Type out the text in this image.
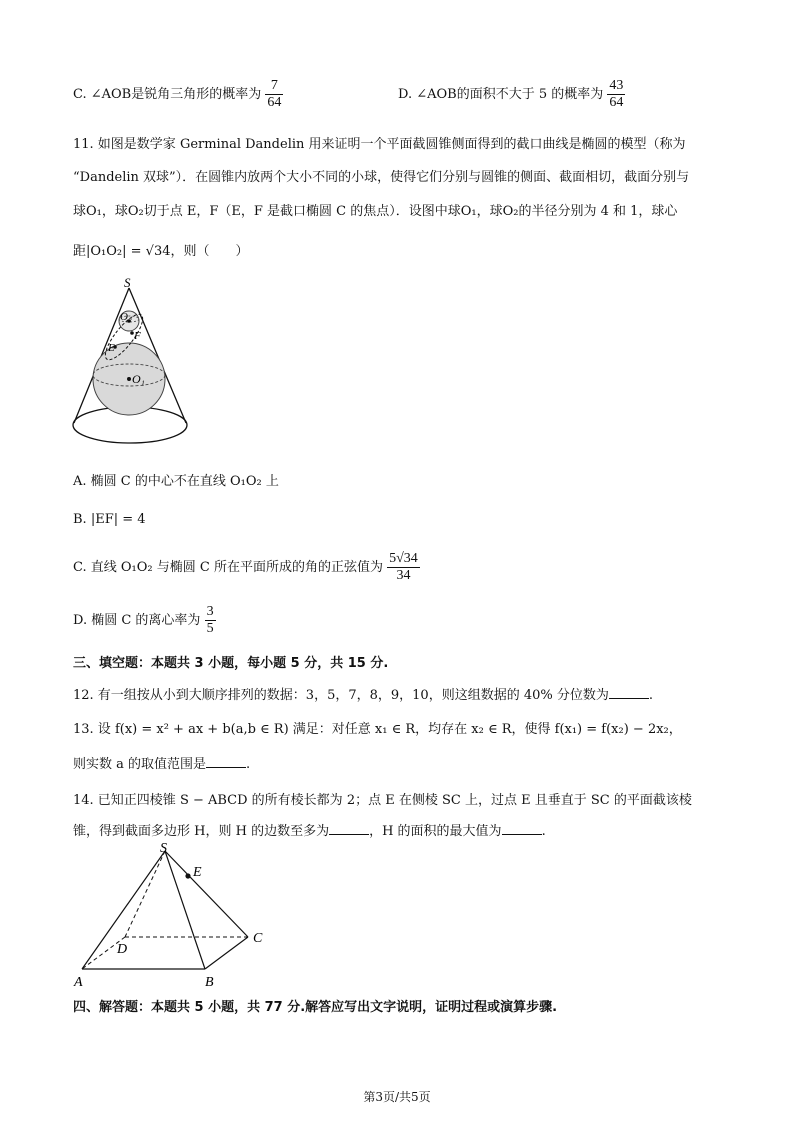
C. ∠AOB是锐角三角形的概率为 $\frac{7}{64}$	D. ∠AOB的面积不大于 5 的概率为 $\frac{43}{64}$
11. 如图是数学家 Germinal Dandelin 用来证明一个平面截圆锥侧面得到的截口曲线是椭圆的模型（称为
“Dandelin 双球”）．在圆锥内放两个大小不同的小球，使得它们分别与圆锥的侧面、截面相切，截面分别与
球O₁，球O₂切于点 E，F（E，F 是截口椭圆 C 的焦点）．设图中球O₁，球O₂的半径分别为 4 和 1，球心
距|O₁O₂| = √34，则（　　）
S
O₂
E
F
O₁
A. 椭圆 C 的中心不在直线 O₁O₂ 上
B. |EF| = 4
C. 直线 O₁O₂ 与椭圆 C 所在平面所成的角的正弦值为 $\frac{5√34}{34}$
D. 椭圆 C 的离心率为 $\frac{3}{5}$
三、填空题：本题共 3 小题，每小题 5 分，共 15 分.
12. 有一组按从小到大顺序排列的数据：3，5，7，8，9，10，则这组数据的 40% 分位数为	.
13. 设 f(x) = x² + ax + b(a,b ∈ R) 满足：对任意 x₁ ∈ R，均存在 x₂ ∈ R，使得 f(x₁) = f(x₂) − 2x₂，
则实数 a 的取值范围是	.
14. 已知正四棱锥 S − ABCD 的所有棱长都为 2；点 E 在侧棱 SC 上，过点 E 且垂直于 SC 的平面截该棱
锥，得到截面多边形 H，则 H 的边数至多为	，H 的面积的最大值为	.
S
E
C
D
A	B
四、解答题：本题共 5 小题，共 77 分.解答应写出文字说明，证明过程或演算步骤.
第3页/共5页
